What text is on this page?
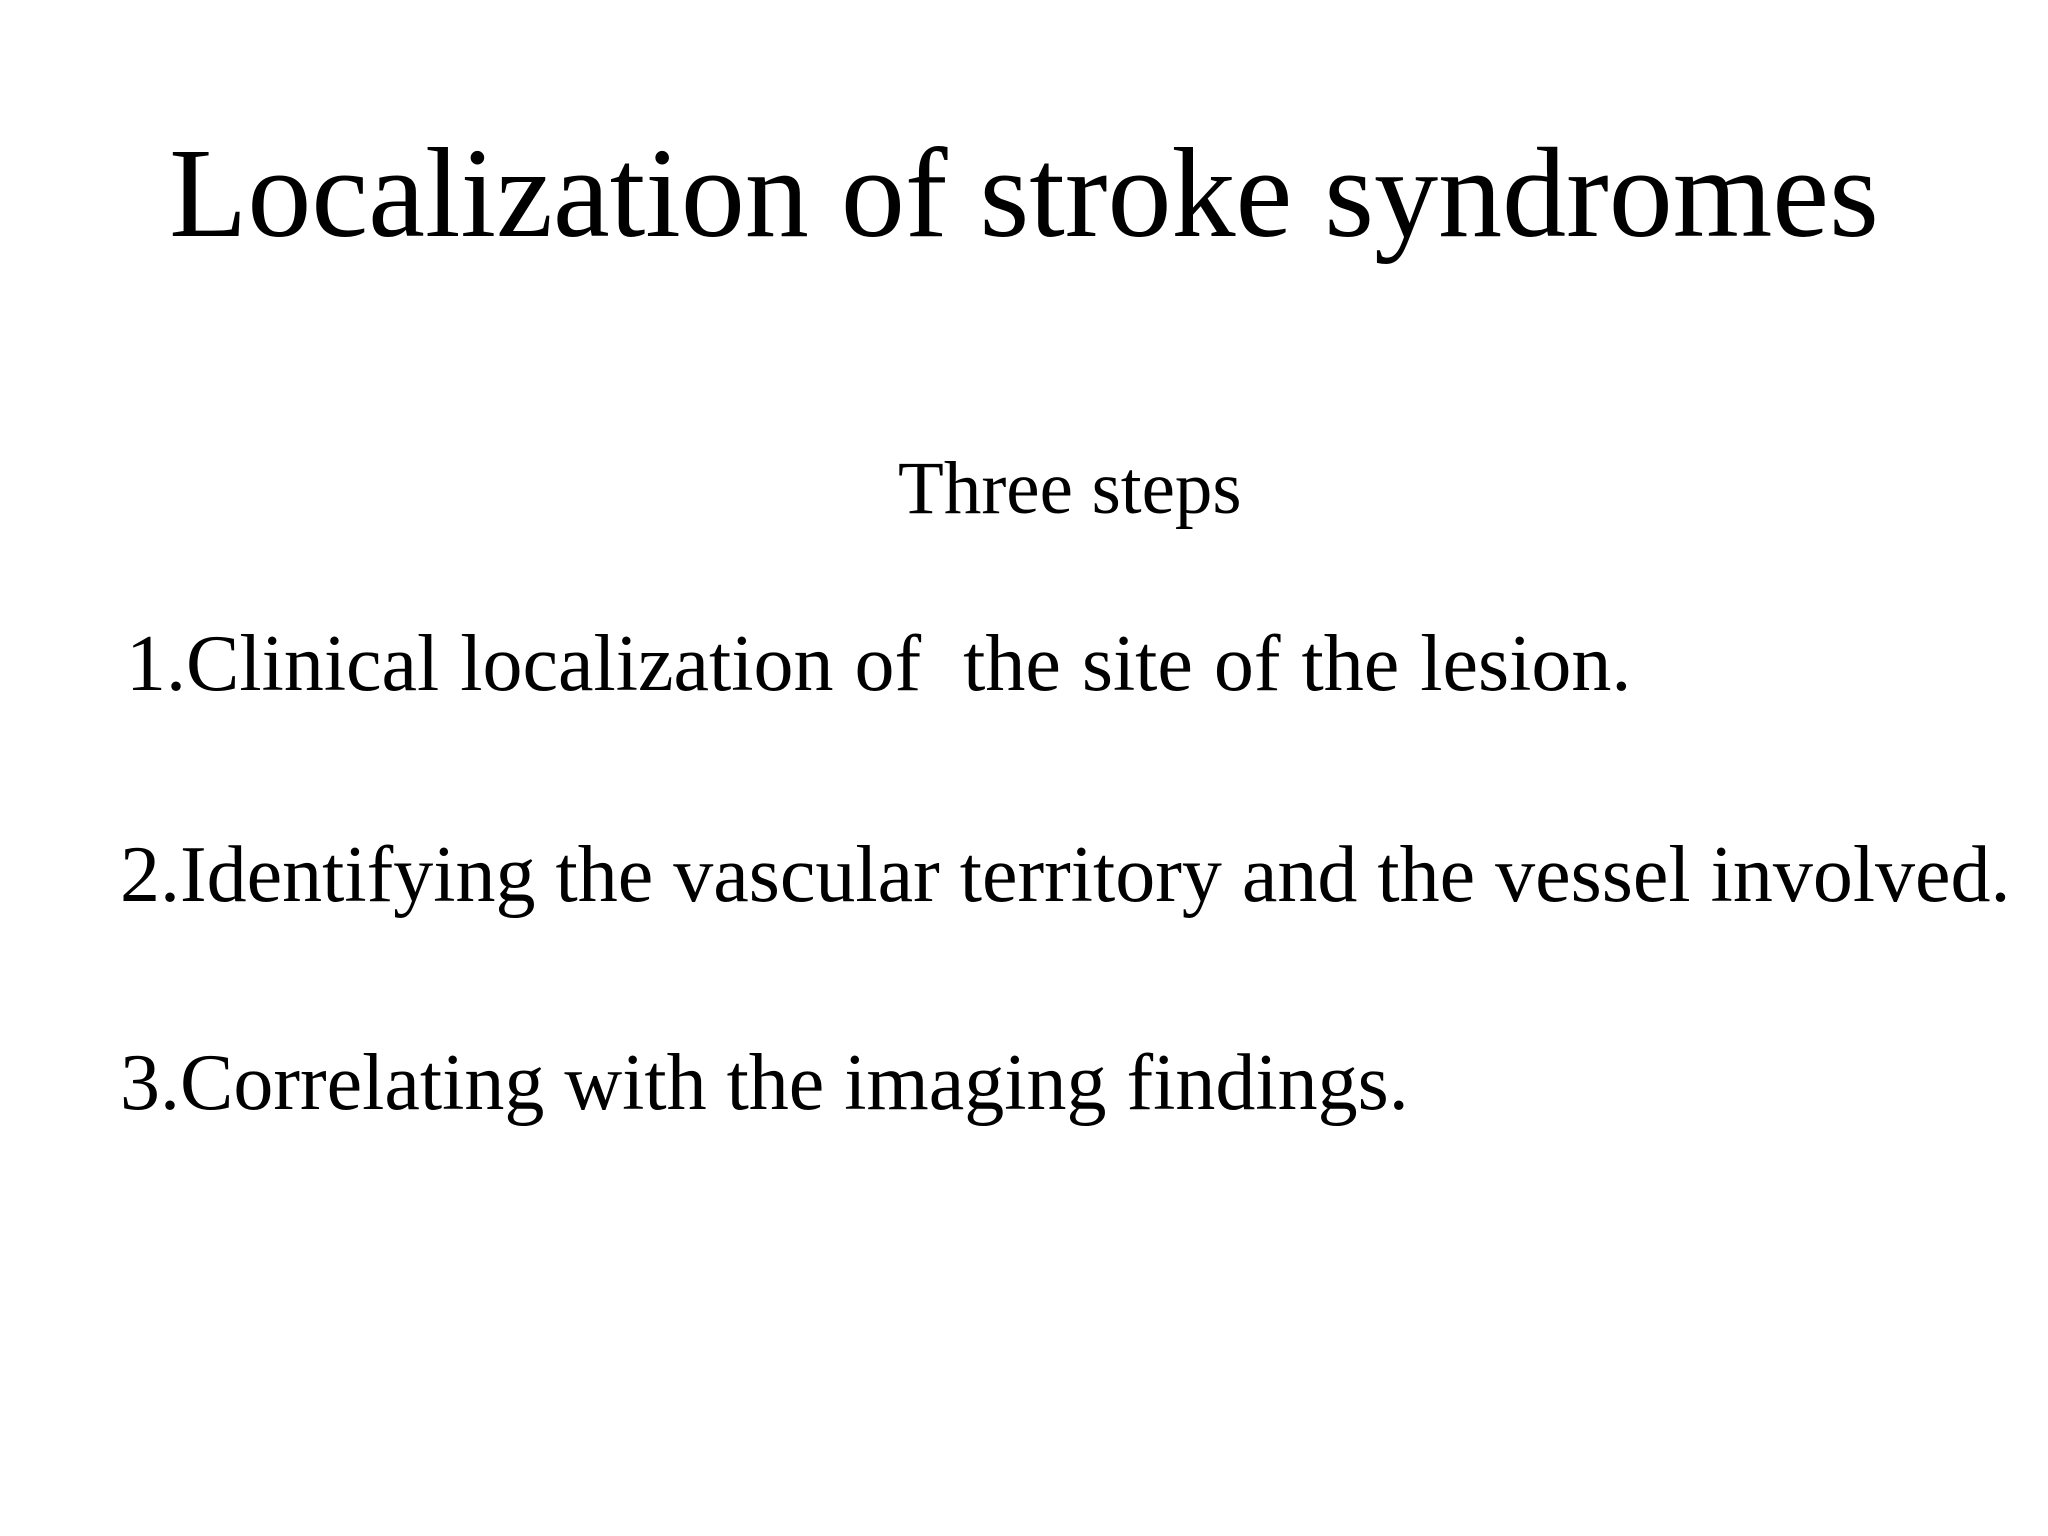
Localization of stroke syndromes
Three steps
1.Clinical localization of  the site of the lesion.
2.Identifying the vascular territory and the vessel involved.
3.Correlating with the imaging findings.
